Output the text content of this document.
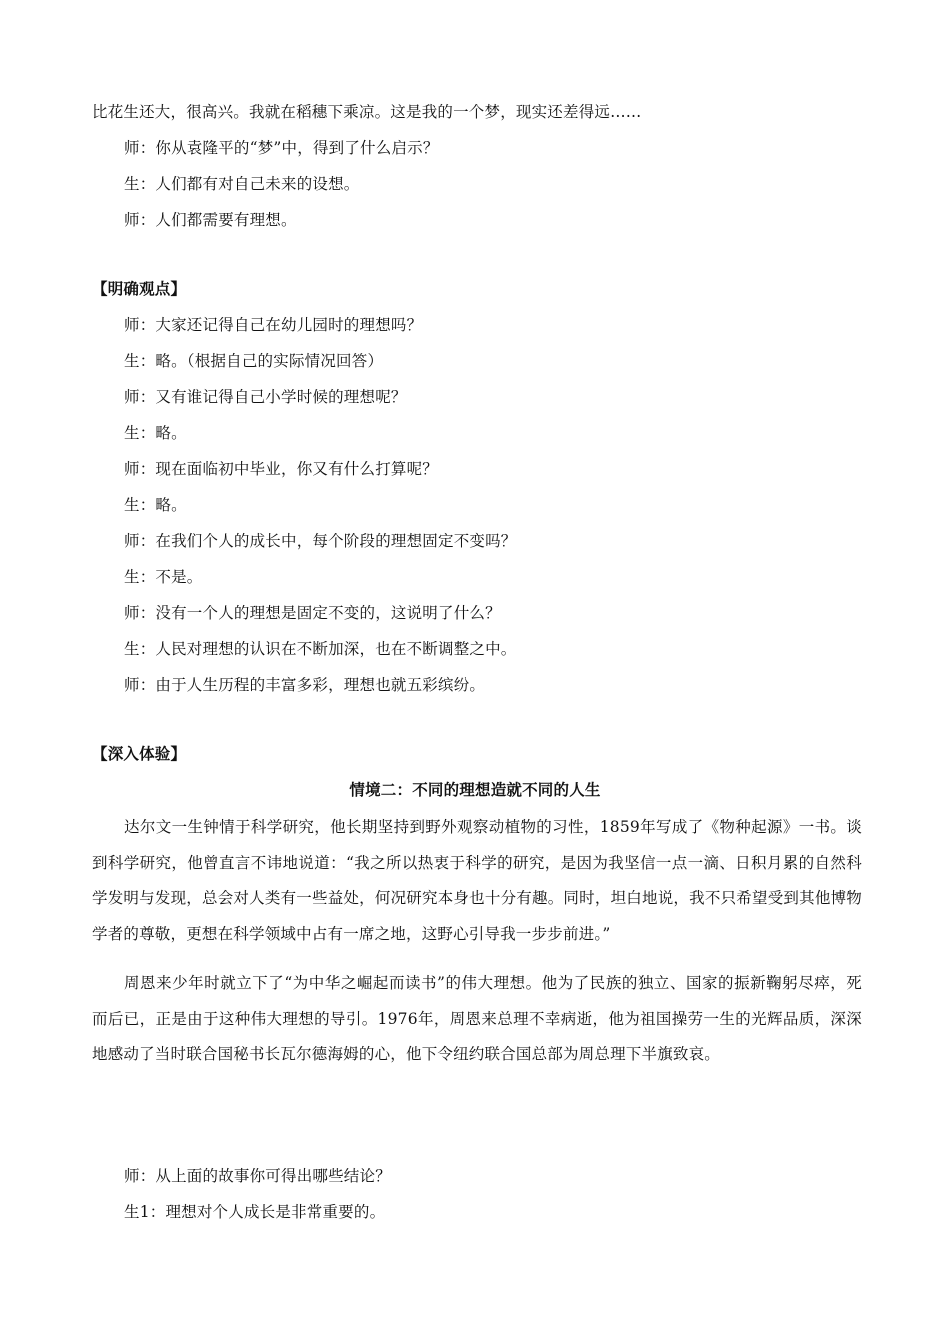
比花生还大，很高兴。我就在稻穗下乘凉。这是我的一个梦，现实还差得远……
师：你从袁隆平的“梦”中，得到了什么启示？
生：人们都有对自己未来的设想。
师：人们都需要有理想。
【明确观点】
师：大家还记得自己在幼儿园时的理想吗？
生：略。（根据自己的实际情况回答）
师：又有谁记得自己小学时候的理想呢？
生：略。
师：现在面临初中毕业，你又有什么打算呢？
生：略。
师：在我们个人的成长中，每个阶段的理想固定不变吗？
生：不是。
师：没有一个人的理想是固定不变的，这说明了什么？
生：人民对理想的认识在不断加深，也在不断调整之中。
师：由于人生历程的丰富多彩，理想也就五彩缤纷。
【深入体验】
情境二：不同的理想造就不同的人生
达尔文一生钟情于科学研究，他长期坚持到野外观察动植物的习性，1859年写成了《物种起源》一书。谈到科学研究，他曾直言不讳地说道：“我之所以热衷于科学的研究，是因为我坚信一点一滴、日积月累的自然科学发明与发现，总会对人类有一些益处，何况研究本身也十分有趣。同时，坦白地说，我不只希望受到其他博物学者的尊敬，更想在科学领域中占有一席之地，这野心引导我一步步前进。”
周恩来少年时就立下了“为中华之崛起而读书”的伟大理想。他为了民族的独立、国家的振新鞠躬尽瘁，死而后已，正是由于这种伟大理想的导引。1976年，周恩来总理不幸病逝，他为祖国操劳一生的光辉品质，深深地感动了当时联合国秘书长瓦尔德海姆的心，他下令纽约联合国总部为周总理下半旗致哀。
师：从上面的故事你可得出哪些结论？
生1：理想对个人成长是非常重要的。
